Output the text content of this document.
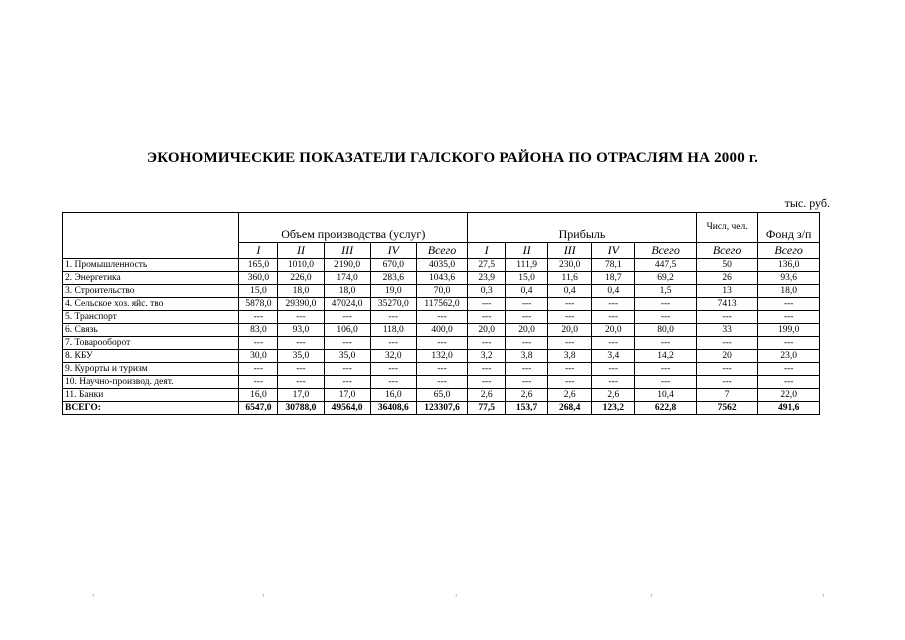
ЭКОНОМИЧЕСКИЕ ПОКАЗАТЕЛИ ГАЛСКОГО РАЙОНА ПО ОТРАСЛЯМ НА 2000 г.
тыс. руб.
	Объем производства (услуг)					Прибыль					Числ, чел.	Фонд з/п
	I	II	III	IV	Всего	I	II	III	IV	Всего	Всего	Всего
1. Промышленность	165,0	1010,0	2190,0	670,0	4035,0	27,5	111,9	230,0	78,1	447,5	50	136,0
2. Энергетика	360,0	226,0	174,0	283,6	1043,6	23,9	15,0	11,6	18,7	69,2	26	93,6
3. Строительство	15,0	18,0	18,0	19,0	70,0	0,3	0,4	0,4	0,4	1,5	13	18,0
4. Сельское хоз. яйс. тво	5878,0	29390,0	47024,0	35270,0	117562,0	---	---	---	---	---	7413	---
5. Транспорт	---	---	---	---	---	---	---	---	---	---	---	---
6. Связь	83,0	93,0	106,0	118,0	400,0	20,0	20,0	20,0	20,0	80,0	33	199,0
7. Товарооборот	---	---	---	---	---	---	---	---	---	---	---	---
8. КБУ	30,0	35,0	35,0	32,0	132,0	3,2	3,8	3,8	3,4	14,2	20	23,0
9. Курорты и туризм	---	---	---	---	---	---	---	---	---	---	---	---
10. Научно-производ. деят.	---	---	---	---	---	---	---	---	---	---	---	---
11. Банки	16,0	17,0	17,0	16,0	65,0	2,6	2,6	2,6	2,6	10,4	7	22,0
ВСЕГО:	6547,0	30788,0	49564,0	36408,6	123307,6	77,5	153,7	268,4	123,2	622,8	7562	491,6
'	'	'	'	'
